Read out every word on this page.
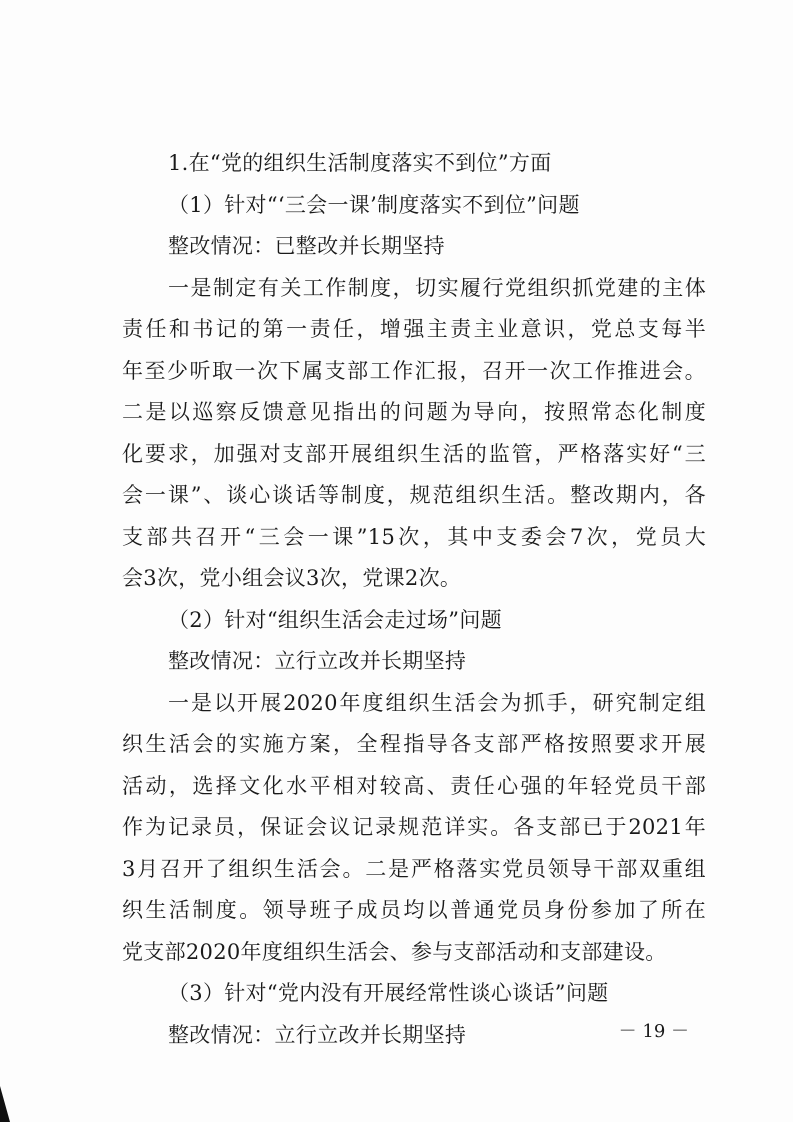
1.在“党的组织生活制度落实不到位”方面
（1）针对“‘三会一课’制度落实不到位”问题
整改情况：已整改并长期坚持
一是制定有关工作制度，切实履行党组织抓党建的主体
责任和书记的第一责任，增强主责主业意识，党总支每半
年至少听取一次下属支部工作汇报，召开一次工作推进会。
二是以巡察反馈意见指出的问题为导向，按照常态化制度
化要求，加强对支部开展组织生活的监管，严格落实好“三
会一课”、谈心谈话等制度，规范组织生活。整改期内，各
支部共召开“三会一课”15次，其中支委会7次，党员大
会3次，党小组会议3次，党课2次。
（2）针对“组织生活会走过场”问题
整改情况：立行立改并长期坚持
一是以开展2020年度组织生活会为抓手，研究制定组
织生活会的实施方案，全程指导各支部严格按照要求开展
活动，选择文化水平相对较高、责任心强的年轻党员干部
作为记录员，保证会议记录规范详实。各支部已于2021年
3月召开了组织生活会。二是严格落实党员领导干部双重组
织生活制度。领导班子成员均以普通党员身份参加了所在
党支部2020年度组织生活会、参与支部活动和支部建设。
（3）针对“党内没有开展经常性谈心谈话”问题
整改情况：立行立改并长期坚持	－ 19 －
